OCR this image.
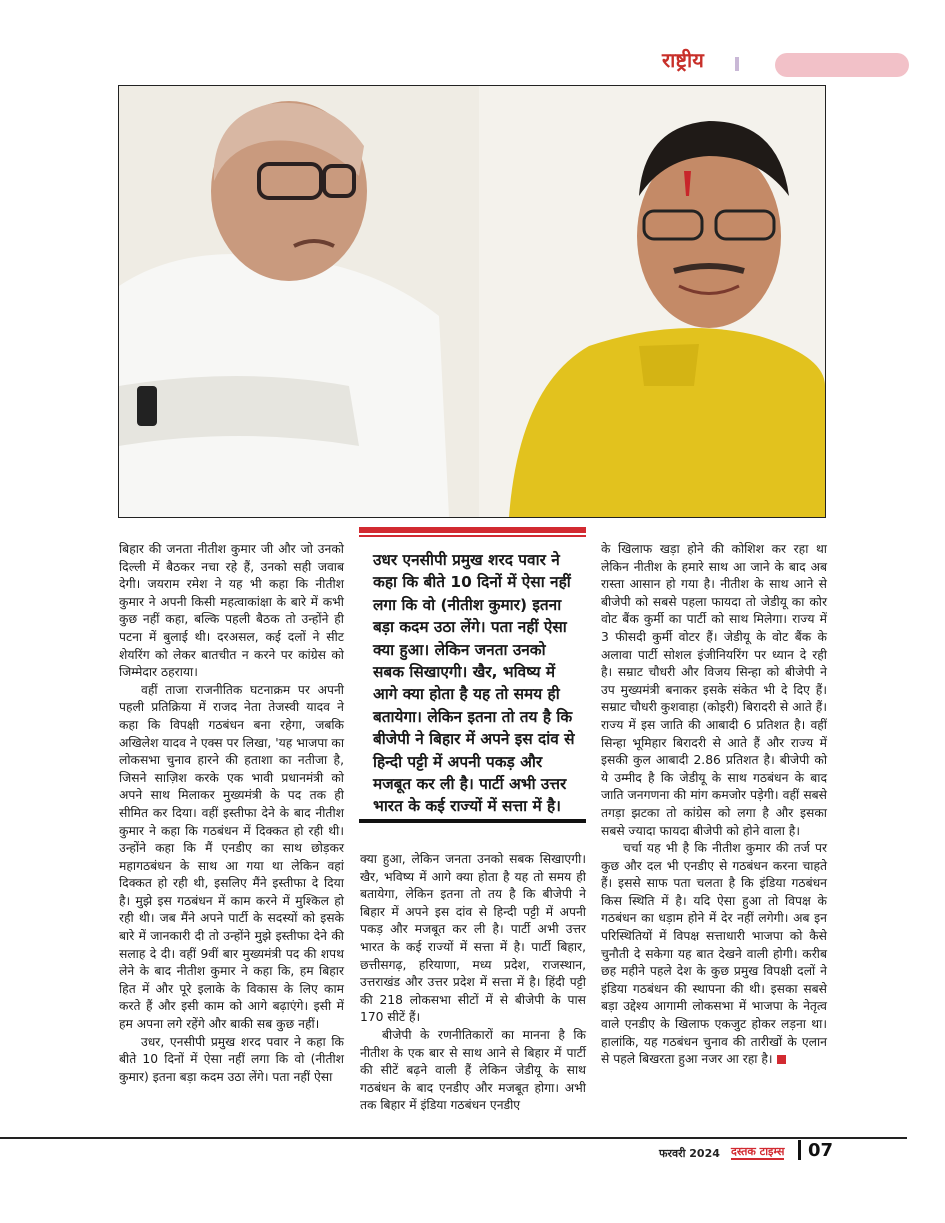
राष्ट्रीय

बिहार की जनता नीतीश कुमार जी और जो उनको दिल्ली में बैठकर नचा रहे हैं, उनको सही जवाब देगी। जयराम रमेश ने यह भी कहा कि नीतीश कुमार ने अपनी किसी महत्वाकांक्षा के बारे में कभी कुछ नहीं कहा, बल्कि पहली बैठक तो उन्होंने ही पटना में बुलाई थी। दरअसल, कई दलों ने सीट शेयरिंग को लेकर बातचीत न करने पर कांग्रेस को जिम्मेदार ठहराया।

वहीं ताजा राजनीतिक घटनाक्रम पर अपनी पहली प्रतिक्रिया में राजद नेता तेजस्वी यादव ने कहा कि विपक्षी गठबंधन बना रहेगा, जबकि अखिलेश यादव ने एक्स पर लिखा, 'यह भाजपा का लोकसभा चुनाव हारने की हताशा का नतीजा है, जिसने साज़िश करके एक भावी प्रधानमंत्री को अपने साथ मिलाकर मुख्यमंत्री के पद तक ही सीमित कर दिया। वहीं इस्तीफा देने के बाद नीतीश कुमार ने कहा कि गठबंधन में दिक्कत हो रही थी। उन्होंने कहा कि मैं एनडीए का साथ छोड़कर महागठबंधन के साथ आ गया था लेकिन वहां दिक्कत हो रही थी, इसलिए मैंने इस्तीफा दे दिया है। मुझे इस गठबंधन में काम करने में मुश्किल हो रही थी। जब मैंने अपने पार्टी के सदस्यों को इसके बारे में जानकारी दी तो उन्होंने मुझे इस्तीफा देने की सलाह दे दी। वहीं 9वीं बार मुख्यमंत्री पद की शपथ लेने के बाद नीतीश कुमार ने कहा कि, हम बिहार हित में और पूरे इलाके के विकास के लिए काम करते हैं और इसी काम को आगे बढ़ाएंगे। इसी में हम अपना लगे रहेंगे और बाकी सब कुछ नहीं।

उधर, एनसीपी प्रमुख शरद पवार ने कहा कि बीते 10 दिनों में ऐसा नहीं लगा कि वो (नीतीश कुमार) इतना बड़ा कदम उठा लेंगे। पता नहीं ऐसा

उधर एनसीपी प्रमुख शरद पवार ने कहा कि बीते 10 दिनों में ऐसा नहीं लगा कि वो (नीतीश कुमार) इतना बड़ा कदम उठा लेंगे। पता नहीं ऐसा क्या हुआ। लेकिन जनता उनको सबक सिखाएगी। खैर, भविष्य में आगे क्या होता है यह तो समय ही बतायेगा। लेकिन इतना तो तय है कि बीजेपी ने बिहार में अपने इस दांव से हिन्दी पट्टी में अपनी पकड़ और मजबूत कर ली है। पार्टी अभी उत्तर भारत के कई राज्यों में सत्ता में है।

क्या हुआ, लेकिन जनता उनको सबक सिखाएगी। खैर, भविष्य में आगे क्या होता है यह तो समय ही बतायेगा, लेकिन इतना तो तय है कि बीजेपी ने बिहार में अपने इस दांव से हिन्दी पट्टी में अपनी पकड़ और मजबूत कर ली है। पार्टी अभी उत्तर भारत के कई राज्यों में सत्ता में है। पार्टी बिहार, छत्तीसगढ़, हरियाणा, मध्य प्रदेश, राजस्थान, उत्तराखंड और उत्तर प्रदेश में सत्ता में है। हिंदी पट्टी की 218 लोकसभा सीटों में से बीजेपी के पास 170 सीटें हैं।

बीजेपी के रणनीतिकारों का मानना है कि नीतीश के एक बार से साथ आने से बिहार में पार्टी की सीटें बढ़ने वाली हैं लेकिन जेडीयू के साथ गठबंधन के बाद एनडीए और मजबूत होगा। अभी तक बिहार में इंडिया गठबंधन एनडीए

के खिलाफ खड़ा होने की कोशिश कर रहा था लेकिन नीतीश के हमारे साथ आ जाने के बाद अब रास्ता आसान हो गया है। नीतीश के साथ आने से बीजेपी को सबसे पहला फायदा तो जेडीयू का कोर वोट बैंक कुर्मी का पार्टी को साथ मिलेगा। राज्य में 3 फीसदी कुर्मी वोटर हैं। जेडीयू के वोट बैंक के अलावा पार्टी सोशल इंजीनियरिंग पर ध्यान दे रही है। सम्राट चौधरी और विजय सिन्हा को बीजेपी ने उप मुख्यमंत्री बनाकर इसके संकेत भी दे दिए हैं। सम्राट चौधरी कुशवाहा (कोइरी) बिरादरी से आते हैं। राज्य में इस जाति की आबादी 6 प्रतिशत है। वहीं सिन्हा भूमिहार बिरादरी से आते हैं और राज्य में इसकी कुल आबादी 2.86 प्रतिशत है। बीजेपी को ये उम्मीद है कि जेडीयू के साथ गठबंधन के बाद जाति जनगणना की मांग कमजोर पड़ेगी। वहीं सबसे तगड़ा झटका तो कांग्रेस को लगा है और इसका सबसे ज्यादा फायदा बीजेपी को होने वाला है।

चर्चा यह भी है कि नीतीश कुमार की तर्ज पर कुछ और दल भी एनडीए से गठबंधन करना चाहते हैं। इससे साफ पता चलता है कि इंडिया गठबंधन किस स्थिति में है। यदि ऐसा हुआ तो विपक्ष के गठबंधन का धड़ाम होने में देर नहीं लगेगी। अब इन परिस्थितियों में विपक्ष सत्ताधारी भाजपा को कैसे चुनौती दे सकेगा यह बात देखने वाली होगी। करीब छह महीने पहले देश के कुछ प्रमुख विपक्षी दलों ने इंडिया गठबंधन की स्थापना की थी। इसका सबसे बड़ा उद्देश्य आगामी लोकसभा में भाजपा के नेतृत्व वाले एनडीए के खिलाफ एकजुट होकर लड़ना था। हालांकि, यह गठबंधन चुनाव की तारीखों के एलान से पहले बिखरता हुआ नजर आ रहा है।

फरवरी 2024 दस्तक टाइम्स 07
